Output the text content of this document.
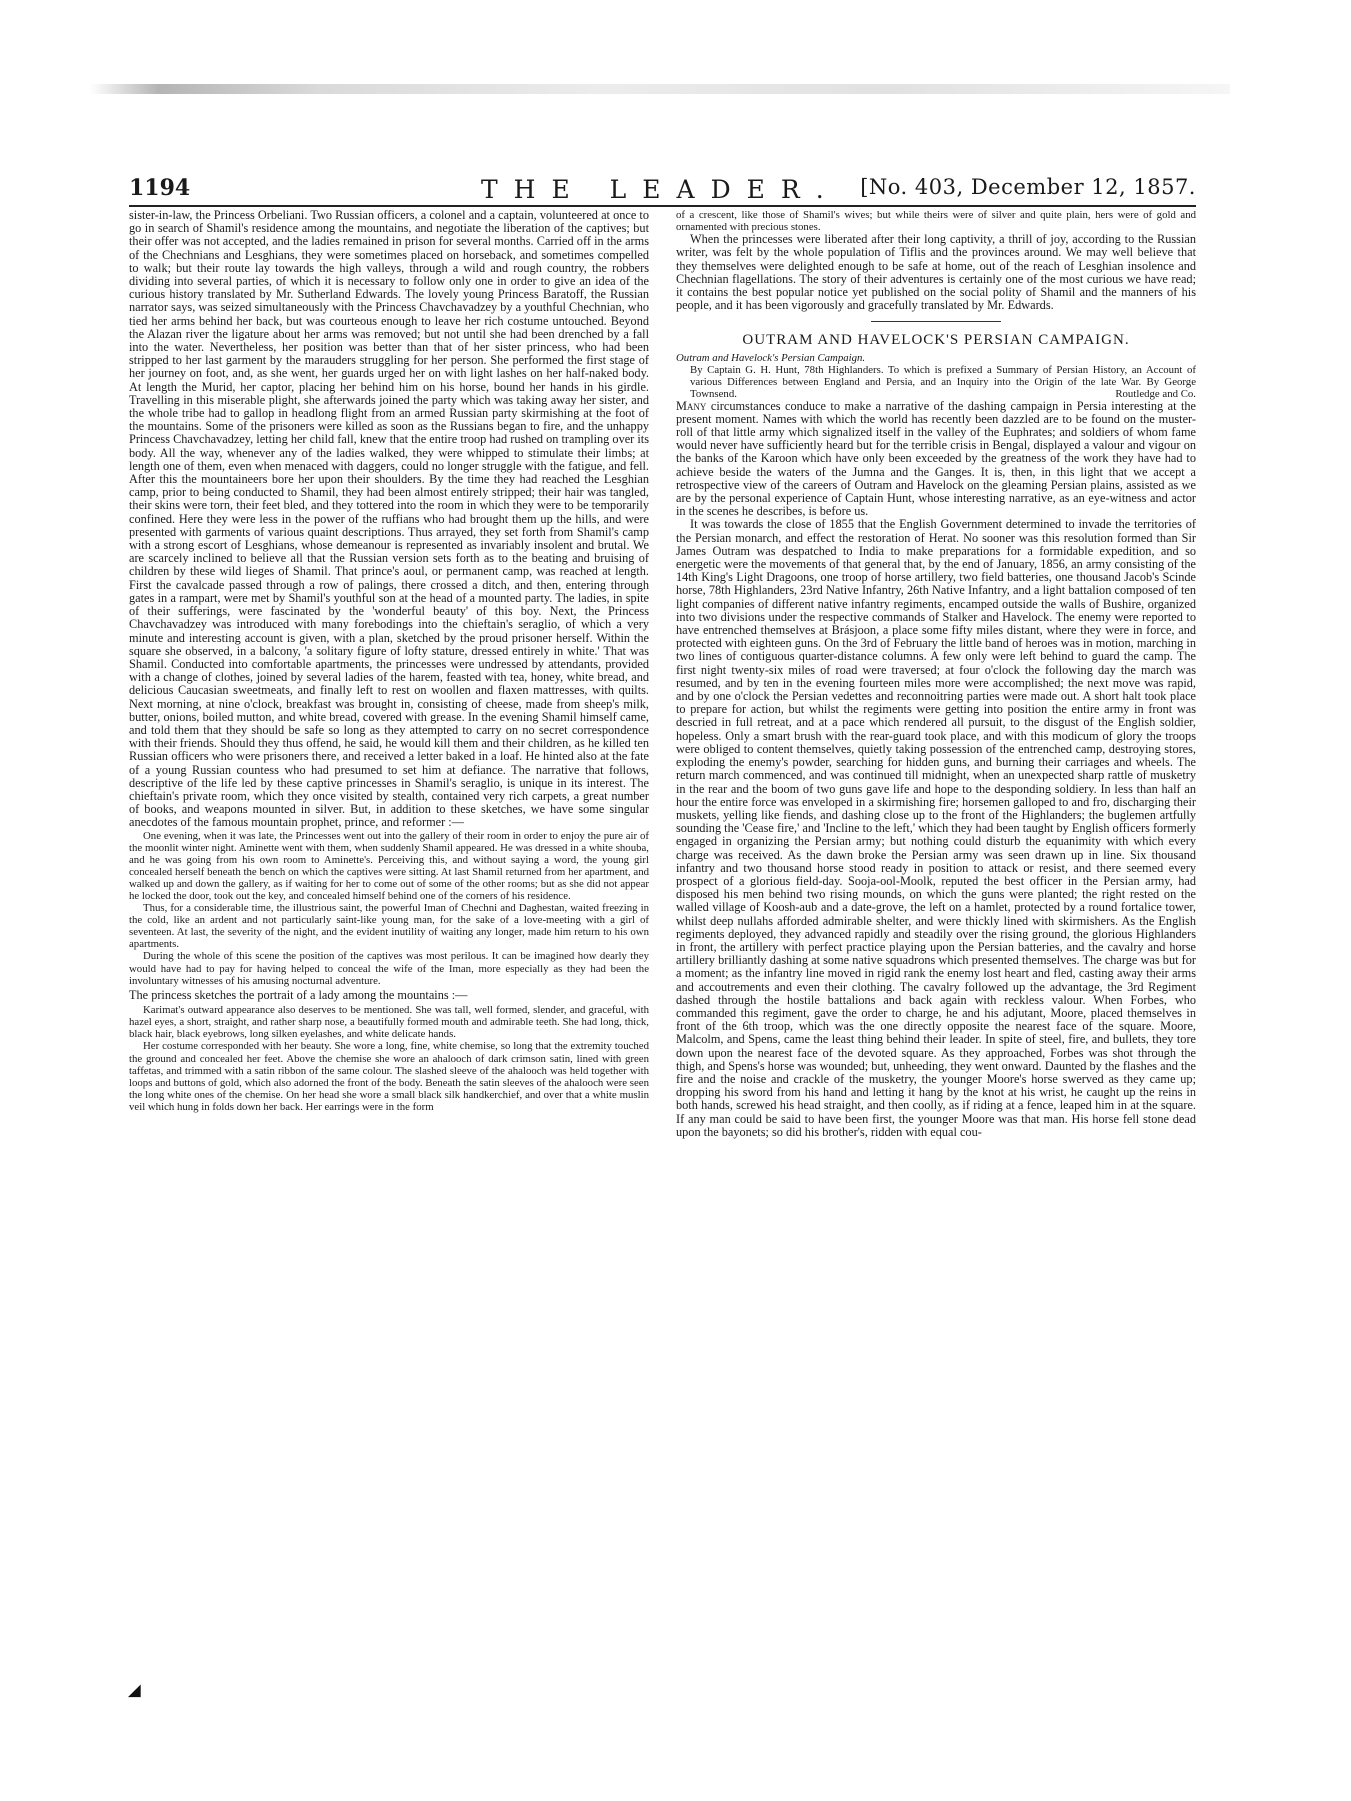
1194	THE LEADER. [No. 403, December 12, 1857.

sister-in-law, the Princess Orbeliani. Two Russian officers, a colonel and a captain, volunteered at once to go in search of Shamil's residence among the mountains, and negotiate the liberation of the captives; but their offer was not accepted, and the ladies remained in prison for several months. Carried off in the arms of the Chechnians and Lesghians, they were sometimes placed on horseback, and sometimes compelled to walk; but their route lay towards the high valleys, through a wild and rough country, the robbers dividing into several parties, of which it is necessary to follow only one in order to give an idea of the curious history translated by Mr. Sutherland Edwards. The lovely young Princess Baratoff, the Russian narrator says, was seized simultaneously with the Princess Chavchavadzey by a youthful Chechnian, who tied her arms behind her back, but was courteous enough to leave her rich costume untouched. Beyond the Alazan river the ligature about her arms was removed; but not until she had been drenched by a fall into the water. Nevertheless, her position was better than that of her sister princess, who had been stripped to her last garment by the marauders struggling for her person. She performed the first stage of her journey on foot, and, as she went, her guards urged her on with light lashes on her half-naked body. At length the Murid, her captor, placing her behind him on his horse, bound her hands in his girdle. Travelling in this miserable plight, she afterwards joined the party which was taking away her sister, and the whole tribe had to gallop in headlong flight from an armed Russian party skirmishing at the foot of the mountains. Some of the prisoners were killed as soon as the Russians began to fire, and the unhappy Princess Chavchavadzey, letting her child fall, knew that the entire troop had rushed on trampling over its body. All the way, whenever any of the ladies walked, they were whipped to stimulate their limbs; at length one of them, even when menaced with daggers, could no longer struggle with the fatigue, and fell. After this the mountaineers bore her upon their shoulders. By the time they had reached the Lesghian camp, prior to being conducted to Shamil, they had been almost entirely stripped; their hair was tangled, their skins were torn, their feet bled, and they tottered into the room in which they were to be temporarily confined. Here they were less in the power of the ruffians who had brought them up the hills, and were presented with garments of various quaint descriptions. Thus arrayed, they set forth from Shamil's camp with a strong escort of Lesghians, whose demeanour is represented as invariably insolent and brutal. We are scarcely inclined to believe all that the Russian version sets forth as to the beating and bruising of children by these wild lieges of Shamil. That prince's aoul, or permanent camp, was reached at length. First the cavalcade passed through a row of palings, there crossed a ditch, and then, entering through gates in a rampart, were met by Shamil's youthful son at the head of a mounted party. The ladies, in spite of their sufferings, were fascinated by the 'wonderful beauty' of this boy. Next, the Princess Chavchavadzey was introduced with many forebodings into the chieftain's seraglio, of which a very minute and interesting account is given, with a plan, sketched by the proud prisoner herself. Within the square she observed, in a balcony, 'a solitary figure of lofty stature, dressed entirely in white.' That was Shamil. Conducted into comfortable apartments, the princesses were undressed by attendants, provided with a change of clothes, joined by several ladies of the harem, feasted with tea, honey, white bread, and delicious Caucasian sweetmeats, and finally left to rest on woollen and flaxen mattresses, with quilts. Next morning, at nine o'clock, breakfast was brought in, consisting of cheese, made from sheep's milk, butter, onions, boiled mutton, and white bread, covered with grease. In the evening Shamil himself came, and told them that they should be safe so long as they attempted to carry on no secret correspondence with their friends. Should they thus offend, he said, he would kill them and their children, as he killed ten Russian officers who were prisoners there, and received a letter baked in a loaf. He hinted also at the fate of a young Russian countess who had presumed to set him at defiance. The narrative that follows, descriptive of the life led by these captive princesses in Shamil's seraglio, is unique in its interest. The chieftain's private room, which they once visited by stealth, contained very rich carpets, a great number of books, and weapons mounted in silver. But, in addition to these sketches, we have some singular anecdotes of the famous mountain prophet, prince, and reformer :—

One evening, when it was late, the Princesses went out into the gallery of their room in order to enjoy the pure air of the moonlit winter night. Aminette went with them, when suddenly Shamil appeared. He was dressed in a white shouba, and he was going from his own room to Aminette's. Perceiving this, and without saying a word, the young girl concealed herself beneath the bench on which the captives were sitting. At last Shamil returned from her apartment, and walked up and down the gallery, as if waiting for her to come out of some of the other rooms; but as she did not appear he locked the door, took out the key, and concealed himself behind one of the corners of his residence.

Thus, for a considerable time, the illustrious saint, the powerful Iman of Chechni and Daghestan, waited freezing in the cold, like an ardent and not particularly saint-like young man, for the sake of a love-meeting with a girl of seventeen. At last, the severity of the night, and the evident inutility of waiting any longer, made him return to his own apartments.

During the whole of this scene the position of the captives was most perilous. It can be imagined how dearly they would have had to pay for having helped to conceal the wife of the Iman, more especially as they had been the involuntary witnesses of his amusing nocturnal adventure.

The princess sketches the portrait of a lady among the mountains :—

Karimat's outward appearance also deserves to be mentioned. She was tall, well formed, slender, and graceful, with hazel eyes, a short, straight, and rather sharp nose, a beautifully formed mouth and admirable teeth. She had long, thick, black hair, black eyebrows, long silken eyelashes, and white delicate hands.

Her costume corresponded with her beauty. She wore a long, fine, white chemise, so long that the extremity touched the ground and concealed her feet. Above the chemise she wore an ahalooch of dark crimson satin, lined with green taffetas, and trimmed with a satin ribbon of the same colour. The slashed sleeve of the ahalooch was held together with loops and buttons of gold, which also adorned the front of the body. Beneath the satin sleeves of the ahalooch were seen the long white ones of the chemise. On her head she wore a small black silk handkerchief, and over that a white muslin veil which hung in folds down her back. Her earrings were in the form

of a crescent, like those of Shamil's wives; but while theirs were of silver and quite plain, hers were of gold and ornamented with precious stones.

When the princesses were liberated after their long captivity, a thrill of joy, according to the Russian writer, was felt by the whole population of Tiflis and the provinces around. We may well believe that they themselves were delighted enough to be safe at home, out of the reach of Lesghian insolence and Chechnian flagellations. The story of their adventures is certainly one of the most curious we have read; it contains the best popular notice yet published on the social polity of Shamil and the manners of his people, and it has been vigorously and gracefully translated by Mr. Edwards.

OUTRAM AND HAVELOCK'S PERSIAN CAMPAIGN.

Outram and Havelock's Persian Campaign.
By Captain G. H. Hunt, 78th Highlanders. To which is prefixed a Summary of Persian History, an Account of various Differences between England and Persia, and an Inquiry into the Origin of the late War. By George Townsend.	Routledge and Co.

Many circumstances conduce to make a narrative of the dashing campaign in Persia interesting at the present moment. Names with which the world has recently been dazzled are to be found on the muster-roll of that little army which signalized itself in the valley of the Euphrates; and soldiers of whom fame would never have sufficiently heard but for the terrible crisis in Bengal, displayed a valour and vigour on the banks of the Karoon which have only been exceeded by the greatness of the work they have had to achieve beside the waters of the Jumna and the Ganges. It is, then, in this light that we accept a retrospective view of the careers of Outram and Havelock on the gleaming Persian plains, assisted as we are by the personal experience of Captain Hunt, whose interesting narrative, as an eye-witness and actor in the scenes he describes, is before us.

It was towards the close of 1855 that the English Government determined to invade the territories of the Persian monarch, and effect the restoration of Herat. No sooner was this resolution formed than Sir James Outram was despatched to India to make preparations for a formidable expedition, and so energetic were the movements of that general that, by the end of January, 1856, an army consisting of the 14th King's Light Dragoons, one troop of horse artillery, two field batteries, one thousand Jacob's Scinde horse, 78th Highlanders, 23rd Native Infantry, 26th Native Infantry, and a light battalion composed of ten light companies of different native infantry regiments, encamped outside the walls of Bushire, organized into two divisions under the respective commands of Stalker and Havelock. The enemy were reported to have entrenched themselves at Brásjoon, a place some fifty miles distant, where they were in force, and protected with eighteen guns. On the 3rd of February the little band of heroes was in motion, marching in two lines of contiguous quarter-distance columns. A few only were left behind to guard the camp. The first night twenty-six miles of road were traversed; at four o'clock the following day the march was resumed, and by ten in the evening fourteen miles more were accomplished; the next move was rapid, and by one o'clock the Persian vedettes and reconnoitring parties were made out. A short halt took place to prepare for action, but whilst the regiments were getting into position the entire army in front was descried in full retreat, and at a pace which rendered all pursuit, to the disgust of the English soldier, hopeless. Only a smart brush with the rear-guard took place, and with this modicum of glory the troops were obliged to content themselves, quietly taking possession of the entrenched camp, destroying stores, exploding the enemy's powder, searching for hidden guns, and burning their carriages and wheels. The return march commenced, and was continued till midnight, when an unexpected sharp rattle of musketry in the rear and the boom of two guns gave life and hope to the desponding soldiery. In less than half an hour the entire force was enveloped in a skirmishing fire; horsemen galloped to and fro, discharging their muskets, yelling like fiends, and dashing close up to the front of the Highlanders; the buglemen artfully sounding the 'Cease fire,' and 'Incline to the left,' which they had been taught by English officers formerly engaged in organizing the Persian army; but nothing could disturb the equanimity with which every charge was received. As the dawn broke the Persian army was seen drawn up in line. Six thousand infantry and two thousand horse stood ready in position to attack or resist, and there seemed every prospect of a glorious field-day. Sooja-ool-Moolk, reputed the best officer in the Persian army, had disposed his men behind two rising mounds, on which the guns were planted; the right rested on the walled village of Koosh-aub and a date-grove, the left on a hamlet, protected by a round fortalice tower, whilst deep nullahs afforded admirable shelter, and were thickly lined with skirmishers. As the English regiments deployed, they advanced rapidly and steadily over the rising ground, the glorious Highlanders in front, the artillery with perfect practice playing upon the Persian batteries, and the cavalry and horse artillery brilliantly dashing at some native squadrons which presented themselves. The charge was but for a moment; as the infantry line moved in rigid rank the enemy lost heart and fled, casting away their arms and accoutrements and even their clothing. The cavalry followed up the advantage, the 3rd Regiment dashed through the hostile battalions and back again with reckless valour. When Forbes, who commanded this regiment, gave the order to charge, he and his adjutant, Moore, placed themselves in front of the 6th troop, which was the one directly opposite the nearest face of the square. Moore, Malcolm, and Spens, came the least thing behind their leader. In spite of steel, fire, and bullets, they tore down upon the nearest face of the devoted square. As they approached, Forbes was shot through the thigh, and Spens's horse was wounded; but, unheeding, they went onward. Daunted by the flashes and the fire and the noise and crackle of the musketry, the younger Moore's horse swerved as they came up; dropping his sword from his hand and letting it hang by the knot at his wrist, he caught up the reins in both hands, screwed his head straight, and then coolly, as if riding at a fence, leaped him in at the square. If any man could be said to have been first, the younger Moore was that man. His horse fell stone dead upon the bayonets; so did his brother's, ridden with equal cou-
